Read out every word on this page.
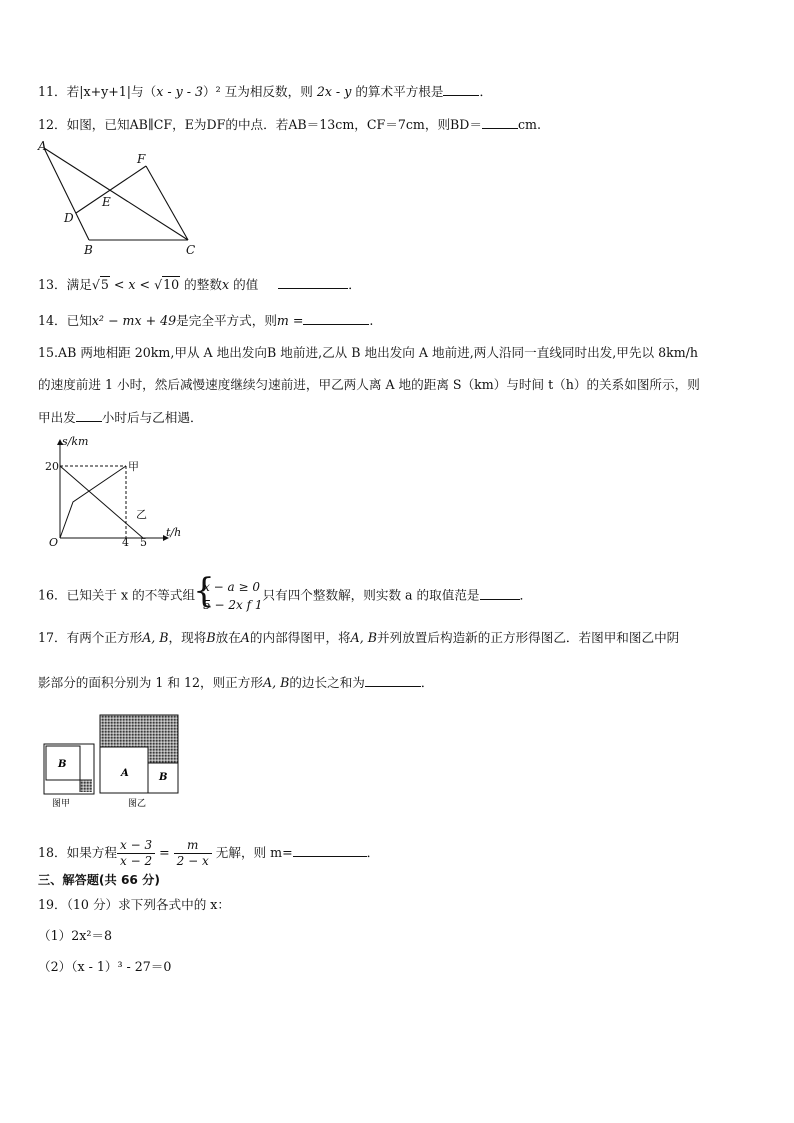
11．若|x+y+1|与（x - y - 3）² 互为相反数，则 2x - y 的算术平方根是	．
12．如图，已知AB∥CF，E为DF的中点．若AB＝13cm，CF＝7cm，则BD＝	cm.
A
F
E
D
B	C
13．满足√5 < x < √10 的整数x 的值	．
14．已知x² − mx + 49是完全平方式，则m =	.
15.AB 两地相距 20km,甲从 A 地出发向B 地前进,乙从 B 地出发向 A 地前进,两人沿同一直线同时出发,甲先以 8km/h
的速度前进 1 小时，然后减慢速度继续匀速前进，甲乙两人离 A 地的距离 S（km）与时间 t（h）的关系如图所示，则
甲出发 小时后与乙相遇．
s/km
t/h
20
O	4 5
甲
乙
16．已知关于 x 的不等式组
{
x − a ≥ 0
5 − 2x f 1
只有四个整数解，则实数 a 的取值范是	．
17．有两个正方形A, B，现将B放在A的内部得图甲，将A, B并列放置后构造新的正方形得图乙．若图甲和图乙中阴
影部分的面积分别为 1 和 12，则正方形A, B的边长之和为	．
B
图甲
A	B
图乙
18．如果方程 $\frac{x - 3}{x - 2} = \frac{m}{2 - x}$ 无解，则 m=	．
三、解答题(共 66 分)
19．（10 分）求下列各式中的 x：
（1）2x²＝8
（2）（x - 1）³ - 27＝0
